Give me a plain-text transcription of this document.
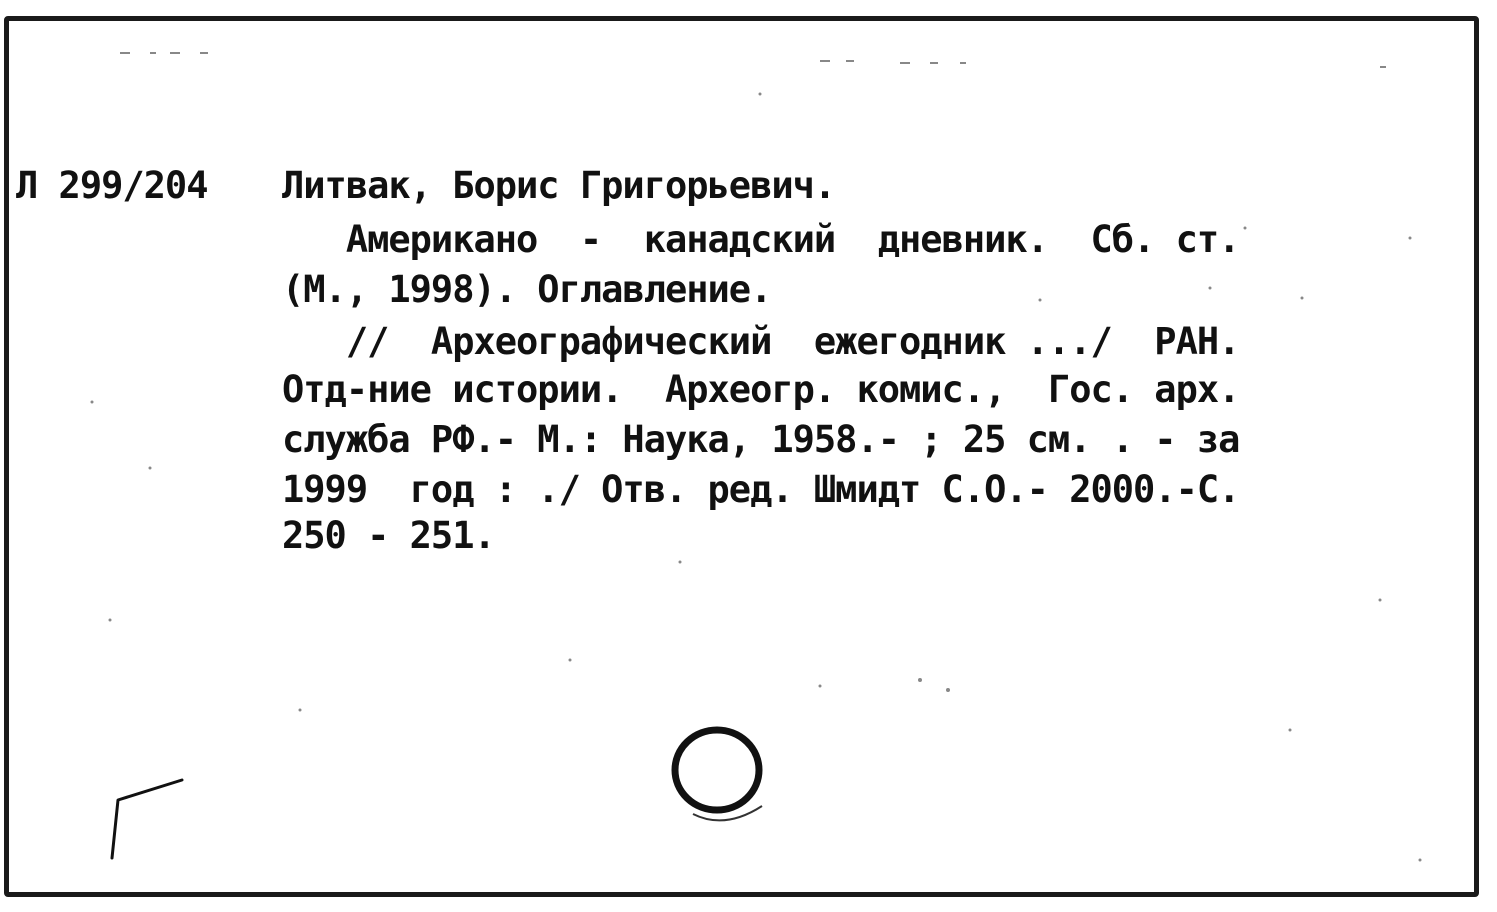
Л 299/204 Литвак, Борис Григорьевич.
Американо  -  канадский  дневник.  Сб. ст.
(М., 1998). Оглавление.
//  Археографический  ежегодник .../  РАН.
Отд-ние истории.  Археогр. комис.,  Гос. арх.
служба РФ.- М.: Наука, 1958.- ; 25 см. . - за
1999  год : ./ Отв. ред. Шмидт С.О.- 2000.-С.
250 - 251.
